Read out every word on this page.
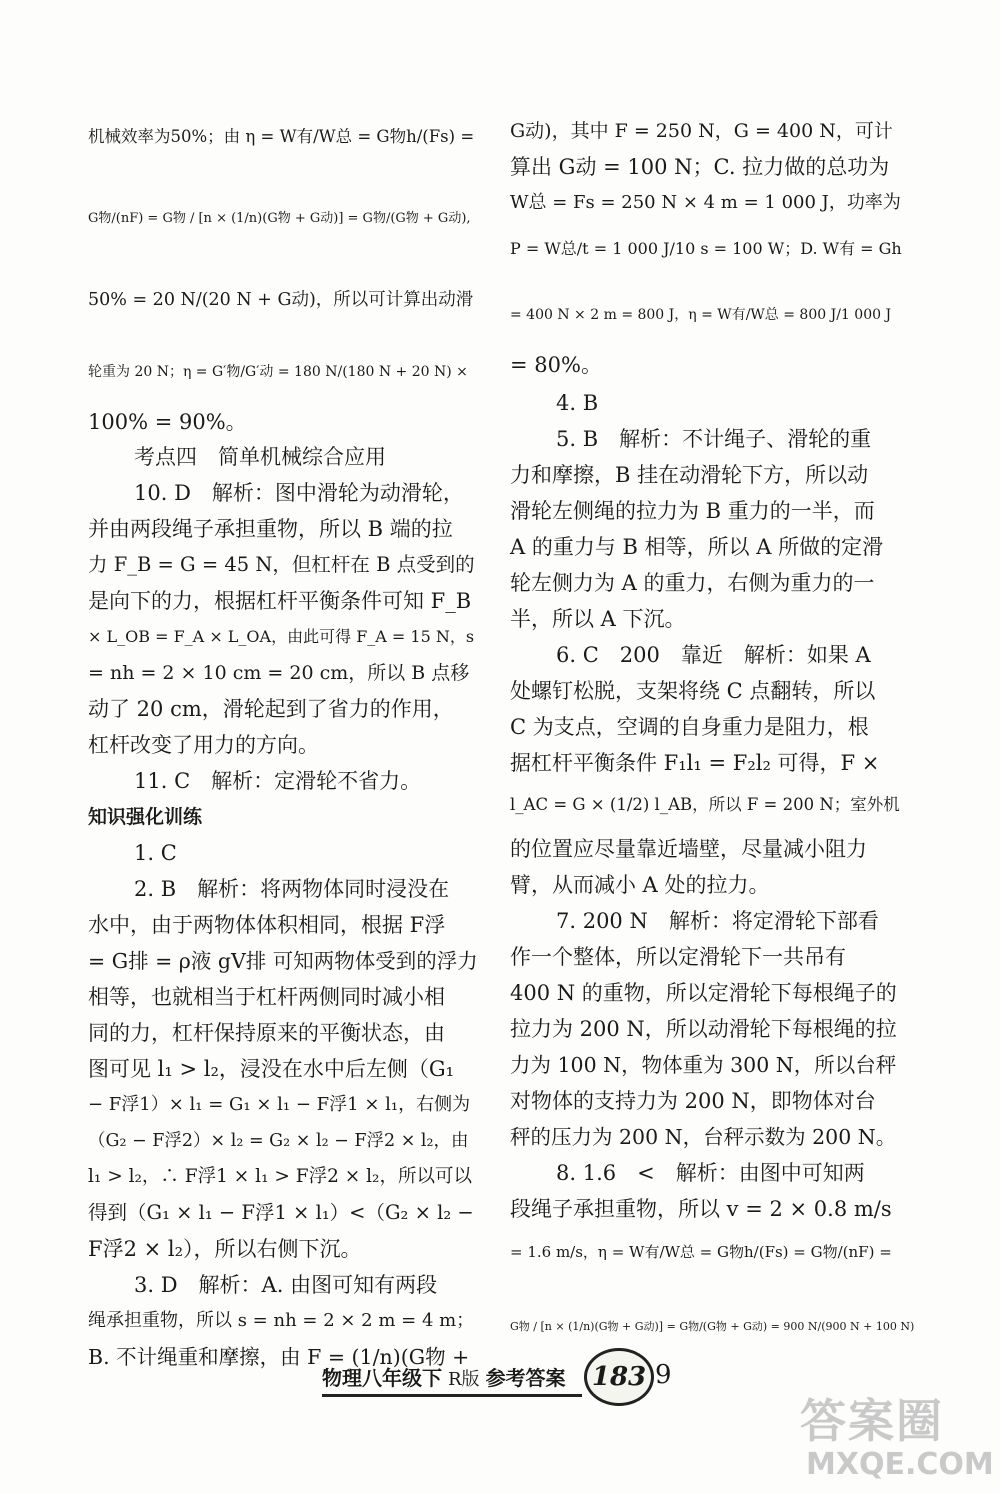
机械效率为50%；由 η = W有/W总 = G物h/(Fs) =
G物/(nF) = G物 / [n × (1/n)(G物 + G动)] = G物/(G物 + G动),
50% = 20 N/(20 N + G动)，所以可计算出动滑
轮重为 20 N；η = G′物/G′动 = 180 N/(180 N + 20 N) ×
100% = 90%。
考点四　简单机械综合应用
10. D　解析：图中滑轮为动滑轮，
并由两段绳子承担重物，所以 B 端的拉
力 F_B = G = 45 N，但杠杆在 B 点受到的
是向下的力，根据杠杆平衡条件可知 F_B
× L_OB = F_A × L_OA，由此可得 F_A = 15 N，s
= nh = 2 × 10 cm = 20 cm，所以 B 点移
动了 20 cm，滑轮起到了省力的作用，
杠杆改变了用力的方向。
11. C　解析：定滑轮不省力。
知识强化训练
1. C
2. B　解析：将两物体同时浸没在
水中，由于两物体体积相同，根据 F浮
= G排 = ρ液 gV排 可知两物体受到的浮力
相等，也就相当于杠杆两侧同时减小相
同的力，杠杆保持原来的平衡状态，由
图可见 l₁ > l₂，浸没在水中后左侧（G₁
− F浮1）× l₁ = G₁ × l₁ − F浮1 × l₁，右侧为
（G₂ − F浮2）× l₂ = G₂ × l₂ − F浮2 × l₂，由
l₁ > l₂，∴ F浮1 × l₁ > F浮2 × l₂，所以可以
得到（G₁ × l₁ − F浮1 × l₁）<（G₂ × l₂ −
F浮2 × l₂），所以右侧下沉。
3. D　解析：A. 由图可知有两段
绳承担重物，所以 s = nh = 2 × 2 m = 4 m；
B. 不计绳重和摩擦，由 F = (1/n)(G物 +
G动)，其中 F = 250 N，G = 400 N，可计
算出 G动 = 100 N；C. 拉力做的总功为
W总 = Fs = 250 N × 4 m = 1 000 J，功率为
P = W总/t = 1 000 J/10 s = 100 W；D. W有 = Gh
= 400 N × 2 m = 800 J，η = W有/W总 = 800 J/1 000 J
= 80%。
4. B
5. B　解析：不计绳子、滑轮的重
力和摩擦，B 挂在动滑轮下方，所以动
滑轮左侧绳的拉力为 B 重力的一半，而
A 的重力与 B 相等，所以 A 所做的定滑
轮左侧力为 A 的重力，右侧为重力的一
半，所以 A 下沉。
6. C　200　靠近　解析：如果 A
处螺钉松脱，支架将绕 C 点翻转，所以
C 为支点，空调的自身重力是阻力，根
据杠杆平衡条件 F₁l₁ = F₂l₂ 可得，F ×
l_AC = G × (1/2) l_AB，所以 F = 200 N；室外机
的位置应尽量靠近墙壁，尽量减小阻力
臂，从而减小 A 处的拉力。
7. 200 N　解析：将定滑轮下部看
作一个整体，所以定滑轮下一共吊有
400 N 的重物，所以定滑轮下每根绳子的
拉力为 200 N，所以动滑轮下每根绳的拉
力为 100 N，物体重为 300 N，所以台秤
对物体的支持力为 200 N，即物体对台
秤的压力为 200 N，台秤示数为 200 N。
8. 1.6　<　解析：由图中可知两
段绳子承担重物，所以 v = 2 × 0.8 m/s
= 1.6 m/s，η = W有/W总 = G物h/(Fs) = G物/(nF) =
G物 / [n × (1/n)(G物 + G动)] = G物/(G物 + G动) = 900 N/(900 N + 100 N)
物理八年级下 R版 参考答案	183 9
答案圈
MXQE.COM
